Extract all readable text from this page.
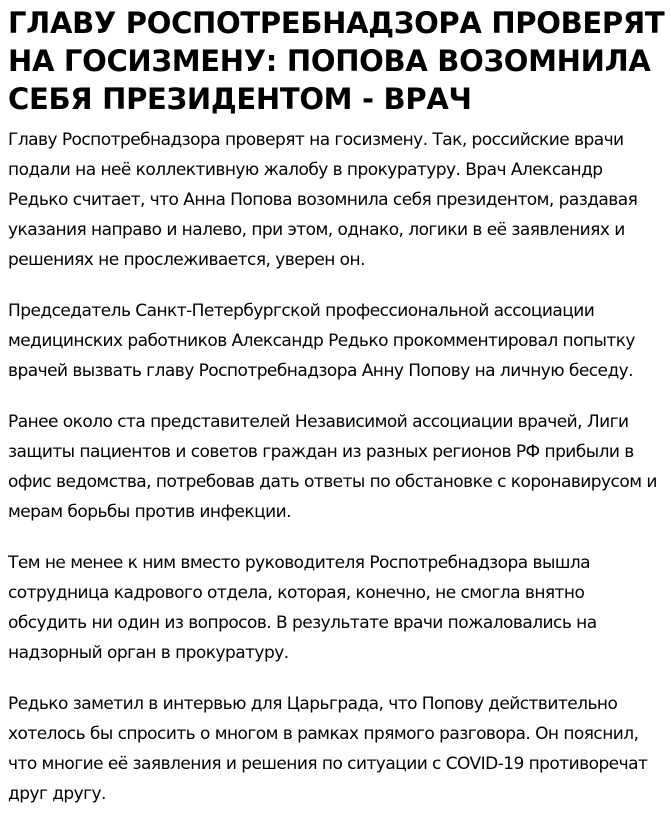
ГЛАВУ РОСПОТРЕБНАДЗОРА ПРОВЕРЯТ НА ГОСИЗМЕНУ: ПОПОВА ВОЗОМНИЛА СЕБЯ ПРЕЗИДЕНТОМ - ВРАЧ

Главу Роспотребнадзора проверят на госизмену. Так, российские врачи подали на неё коллективную жалобу в прокуратуру. Врач Александр Редько считает, что Анна Попова возомнила себя президентом, раздавая указания направо и налево, при этом, однако, логики в её заявлениях и решениях не прослеживается, уверен он.

Председатель Санкт-Петербургской профессиональной ассоциации медицинских работников Александр Редько прокомментировал попытку врачей вызвать главу Роспотребнадзора Анну Попову на личную беседу.

Ранее около ста представителей Независимой ассоциации врачей, Лиги защиты пациентов и советов граждан из разных регионов РФ прибыли в офис ведомства, потребовав дать ответы по обстановке с коронавирусом и мерам борьбы против инфекции.

Тем не менее к ним вместо руководителя Роспотребнадзора вышла сотрудница кадрового отдела, которая, конечно, не смогла внятно обсудить ни один из вопросов. В результате врачи пожаловались на надзорный орган в прокуратуру.

Редько заметил в интервью для Царьграда, что Попову действительно хотелось бы спросить о многом в рамках прямого разговора. Он пояснил, что многие её заявления и решения по ситуации с COVID-19 противоречат друг другу.
